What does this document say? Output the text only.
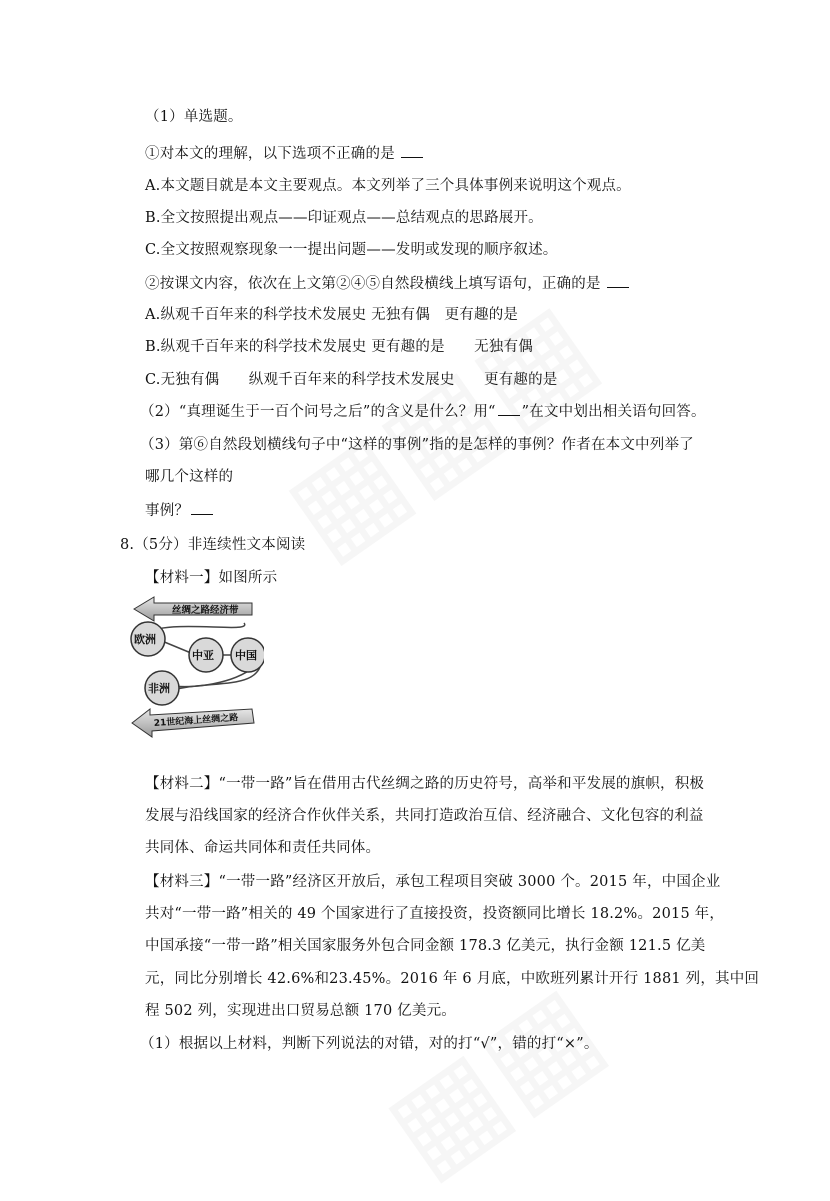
（1）单选题。
①对本文的理解，以下选项不正确的是
A.本文题目就是本文主要观点。本文列举了三个具体事例来说明这个观点。
B.全文按照提出观点——印证观点——总结观点的思路展开。
C.全文按照观察现象一一提出问题——发明或发现的顺序叙述。
②按课文内容，依次在上文第②④⑤自然段横线上填写语句，正确的是
A.纵观千百年来的科学技术发展史 无独有偶　更有趣的是
B.纵观千百年来的科学技术发展史 更有趣的是　　无独有偶
C.无独有偶　　纵观千百年来的科学技术发展史　　更有趣的是
（2）“真理诞生于一百个问号之后”的含义是什么？用“ ”在文中划出相关语句回答。
（3）第⑥自然段划横线句子中“这样的事例”指的是怎样的事例？作者在本文中列举了
哪几个这样的
事例？
8.（5分）非连续性文本阅读
【材料一】如图所示
丝绸之路经济带
欧洲
中亚 中国
非洲
21世纪海上丝绸之路
【材料二】“一带一路”旨在借用古代丝绸之路的历史符号，高举和平发展的旗帜，积极
发展与沿线国家的经济合作伙伴关系，共同打造政治互信、经济融合、文化包容的利益
共同体、命运共同体和责任共同体。
【材料三】“一带一路”经济区开放后，承包工程项目突破 3000 个。2015 年，中国企业
共对“一带一路”相关的 49 个国家进行了直接投资，投资额同比增长 18.2%。2015 年，
中国承接“一带一路”相关国家服务外包合同金额 178.3 亿美元，执行金额 121.5 亿美
元，同比分别增长 42.6%和23.45%。2016 年 6 月底，中欧班列累计开行 1881 列，其中回
程 502 列，实现进出口贸易总额 170 亿美元。
（1）根据以上材料，判断下列说法的对错，对的打“√”，错的打“×”。
